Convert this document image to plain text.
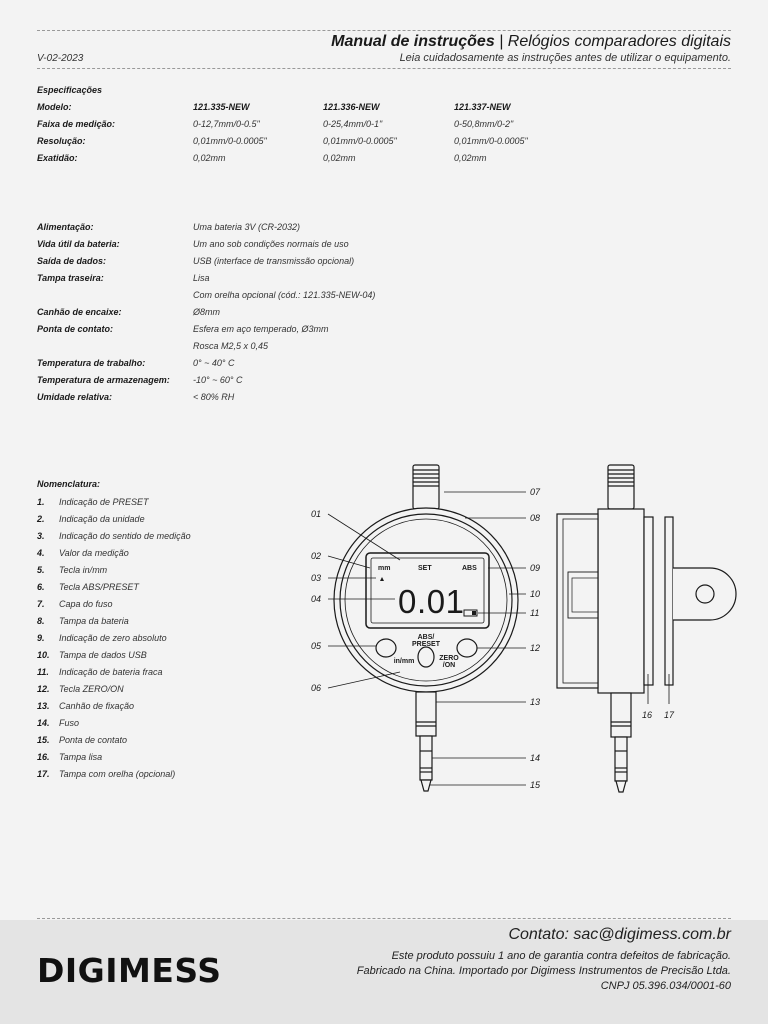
Manual de instruções | Relógios comparadores digitais
V-02-2023	Leia cuidadosamente as instruções antes de utilizar o equipamento.
Especificações
Modelo:	121.335-NEW	121.336-NEW	121.337-NEW
Faixa de medição:	0-12,7mm/0-0.5"	0-25,4mm/0-1"	0-50,8mm/0-2"
Resolução:	0,01mm/0-0.0005"	0,01mm/0-0.0005"	0,01mm/0-0.0005"
Exatidão:	0,02mm	0,02mm	0,02mm
Alimentação:	Uma bateria 3V (CR-2032)
Vida útil da bateria:	Um ano sob condições normais de uso
Saída de dados:	USB (interface de transmissão opcional)
Tampa traseira:	Lisa
Com orelha opcional (cód.: 121.335-NEW-04)
Canhão de encaixe:	Ø8mm
Ponta de contato:	Esfera em aço temperado, Ø3mm
Rosca M2,5 x 0,45
Temperatura de trabalho:	0° ~ 40° C
Temperatura de armazenagem:	-10° ~ 60° C
Umidade relativa:	< 80% RH
Nomenclatura:
1. Indicação de PRESET
2. Indicação da unidade
3. Indicação do sentido de medição
4. Valor da medição
5. Tecla in/mm
6. Tecla ABS/PRESET
7. Capa do fuso
8. Tampa da bateria
9. Indicação de zero absoluto
10. Tampa de dados USB
11. Indicação de bateria fraca
12. Tecla ZERO/ON
13. Canhão de fixação
14. Fuso
15. Ponta de contato
16. Tampa lisa
17. Tampa com orelha (opcional)
mm	SET	ABS
0.01
ABS/
PRESET
in/mm	ZERO
/ON
01
02
03
04
05
06
07
08
09
10
11
12
13
14
15
16 17
Contato: sac@digimess.com.br
Este produto possuiu 1 ano de garantia contra defeitos de fabricação.
Fabricado na China. Importado por Digimess Instrumentos de Precisão Ltda.
CNPJ 05.396.034/0001-60
DIGIMESS
